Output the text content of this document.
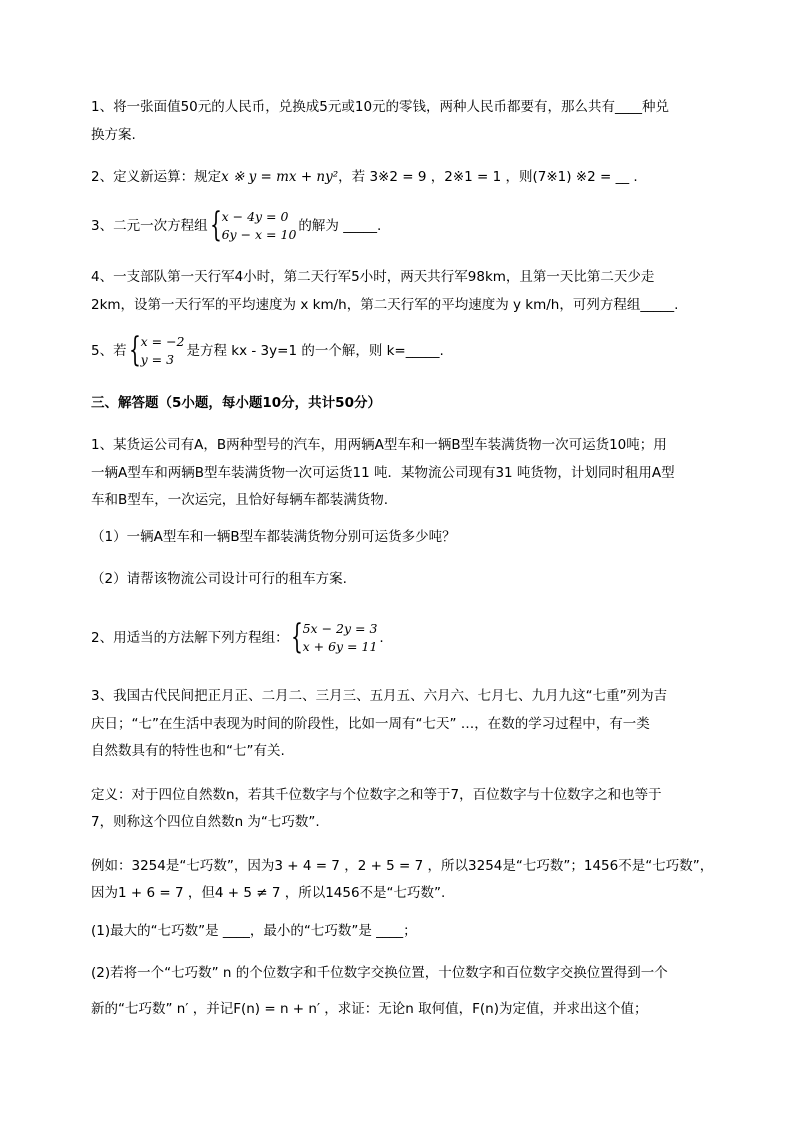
1、将一张面值50元的人民币，兑换成5元或10元的零钱，两种人民币都要有，那么共有____种兑
换方案.
2、定义新运算：规定x ※ y = mx + ny²，若 3※2 = 9 ，2※1 = 1 ，则(7※1) ※2 = __ .
3、二元一次方程组 { x − 4y = 0
6y − x = 10
的解为 _____.
4、一支部队第一天行军4小时，第二天行军5小时，两天共行军98km，且第一天比第二天少走
2km，设第一天行军的平均速度为 x km/h，第二天行军的平均速度为 y km/h，可列方程组_____.
5、若 { x = −2
y = 3
是方程 kx - 3y=1 的一个解，则 k=_____.
三、解答题（5小题，每小题10分，共计50分）
1、某货运公司有A，B两种型号的汽车，用两辆A型车和一辆B型车装满货物一次可运货10吨；用
一辆A型车和两辆B型车装满货物一次可运货11 吨．某物流公司现有31 吨货物，计划同时租用A型
车和B型车，一次运完，且恰好每辆车都装满货物.
（1）一辆A型车和一辆B型车都装满货物分别可运货多少吨？
（2）请帮该物流公司设计可行的租车方案.
2、用适当的方法解下列方程组： { 5x − 2y = 3
x + 6y = 11
.
3、我国古代民间把正月正、二月二、三月三、五月五、六月六、七月七、九月九这“七重”列为吉
庆日；“七”在生活中表现为时间的阶段性，比如一周有“七天” …，在数的学习过程中，有一类
自然数具有的特性也和“七”有关.
定义：对于四位自然数n，若其千位数字与个位数字之和等于7，百位数字与十位数字之和也等于
7，则称这个四位自然数n 为“七巧数”.
例如：3254是“七巧数”，因为3 + 4 = 7 ，2 + 5 = 7 ，所以3254是“七巧数”；1456不是“七巧数”，
因为1 + 6 = 7 ，但4 + 5 ≠ 7 ，所以1456不是“七巧数”.
(1)最大的“七巧数”是 ____，最小的“七巧数”是 ____；
(2)若将一个“七巧数” n 的个位数字和千位数字交换位置，十位数字和百位数字交换位置得到一个
新的“七巧数” n′ ，并记F(n) = n + n′ ，求证：无论n 取何值，F(n)为定值，并求出这个值；
